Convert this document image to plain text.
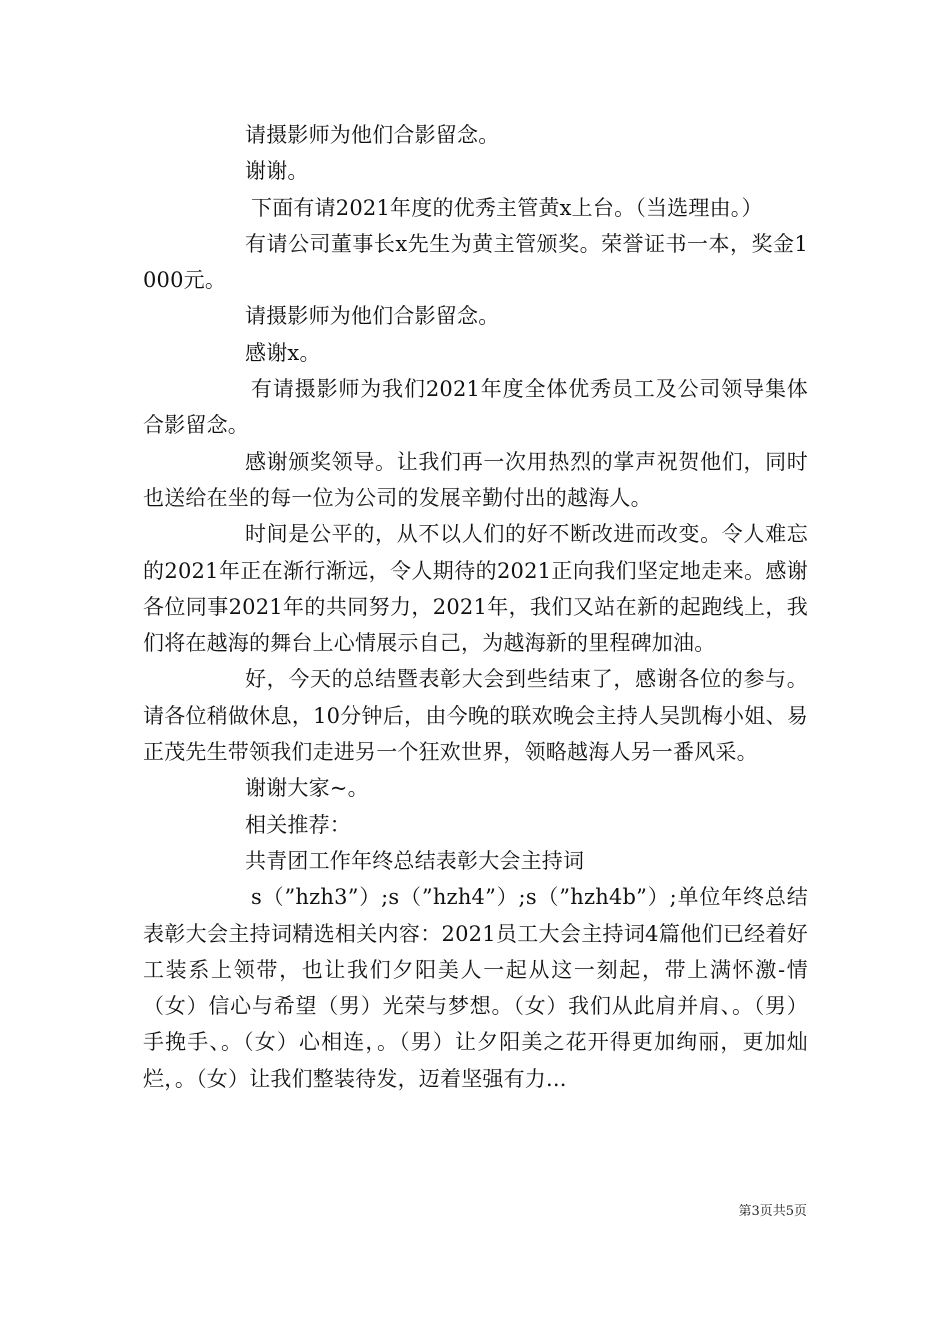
请摄影师为他们合影留念。

谢谢。

下面有请2021年度的优秀主管黄x上台。（当选理由。）

有请公司董事长x先生为黄主管颁奖。荣誉证书一本，奖金1000元。

请摄影师为他们合影留念。

感谢x。

有请摄影师为我们2021年度全体优秀员工及公司领导集体合影留念。

感谢颁奖领导。让我们再一次用热烈的掌声祝贺他们，同时也送给在坐的每一位为公司的发展辛勤付出的越海人。

时间是公平的，从不以人们的好不断改进而改变。令人难忘的2021年正在渐行渐远，令人期待的2021正向我们坚定地走来。感谢各位同事2021年的共同努力，2021年，我们又站在新的起跑线上，我们将在越海的舞台上心情展示自己，为越海新的里程碑加油。

好，今天的总结暨表彰大会到些结束了，感谢各位的参与。请各位稍做休息，10分钟后，由今晚的联欢晚会主持人吴凯梅小姐、易正茂先生带领我们走进另一个狂欢世界，领略越海人另一番风采。

谢谢大家~。

相关推荐：

共青团工作年终总结表彰大会主持词

s（”hzh3”）;s（”hzh4”）;s（”hzh4b”）;单位年终总结表彰大会主持词精选相关内容：2021员工大会主持词4篇他们已经着好工装系上领带，也让我们夕阳美人一起从这一刻起，带上满怀激-情（女）信心与希望（男）光荣与梦想。（女）我们从此肩并肩、。（男）手挽手、。（女）心相连，。（男）让夕阳美之花开得更加绚丽，更加灿烂，。（女）让我们整装待发，迈着坚强有力...

第3页共5页
